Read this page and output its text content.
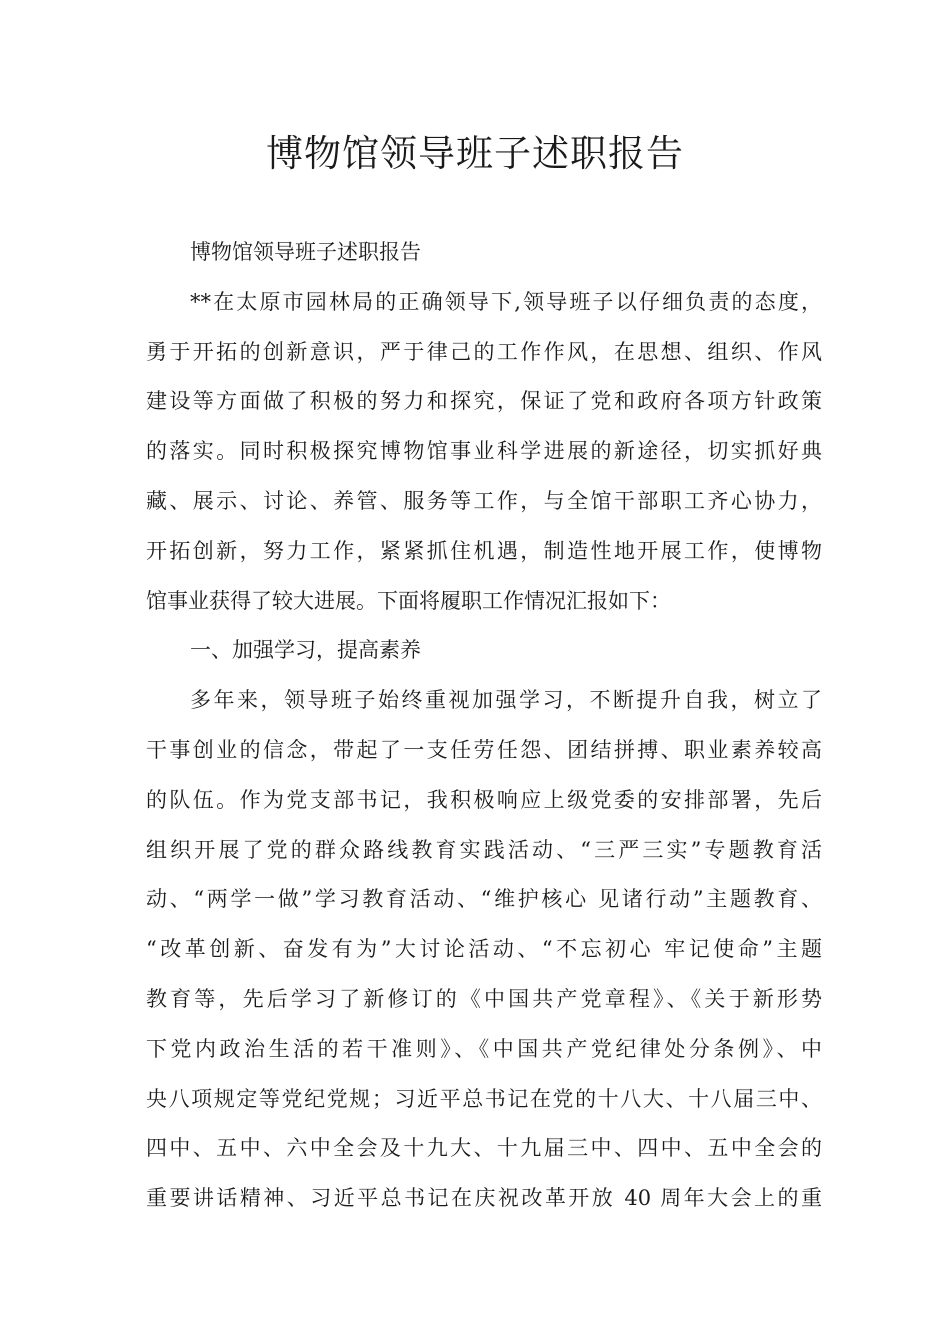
博物馆领导班子述职报告
博物馆领导班子述职报告
**在太原市园林局的正确领导下,领导班子以仔细负责的态度，
勇于开拓的创新意识，严于律己的工作作风，在思想、组织、作风
建设等方面做了积极的努力和探究，保证了党和政府各项方针政策
的落实。同时积极探究博物馆事业科学进展的新途径，切实抓好典
藏、展示、讨论、养管、服务等工作，与全馆干部职工齐心协力，
开拓创新，努力工作，紧紧抓住机遇，制造性地开展工作，使博物
馆事业获得了较大进展。下面将履职工作情况汇报如下：
一、加强学习，提高素养
多年来，领导班子始终重视加强学习，不断提升自我，树立了
干事创业的信念，带起了一支任劳任怨、团结拼搏、职业素养较高
的队伍。作为党支部书记，我积极响应上级党委的安排部署，先后
组织开展了党的群众路线教育实践活动、“三严三实”专题教育活
动、“两学一做”学习教育活动、“维护核心 见诸行动”主题教育、
“改革创新、奋发有为”大讨论活动、“不忘初心 牢记使命”主题
教育等，先后学习了新修订的《中国共产党章程》、《关于新形势
下党内政治生活的若干准则》、《中国共产党纪律处分条例》、中
央八项规定等党纪党规；习近平总书记在党的十八大、十八届三中、
四中、五中、六中全会及十九大、十九届三中、四中、五中全会的
重要讲话精神、习近平总书记在庆祝改革开放 40 周年大会上的重
